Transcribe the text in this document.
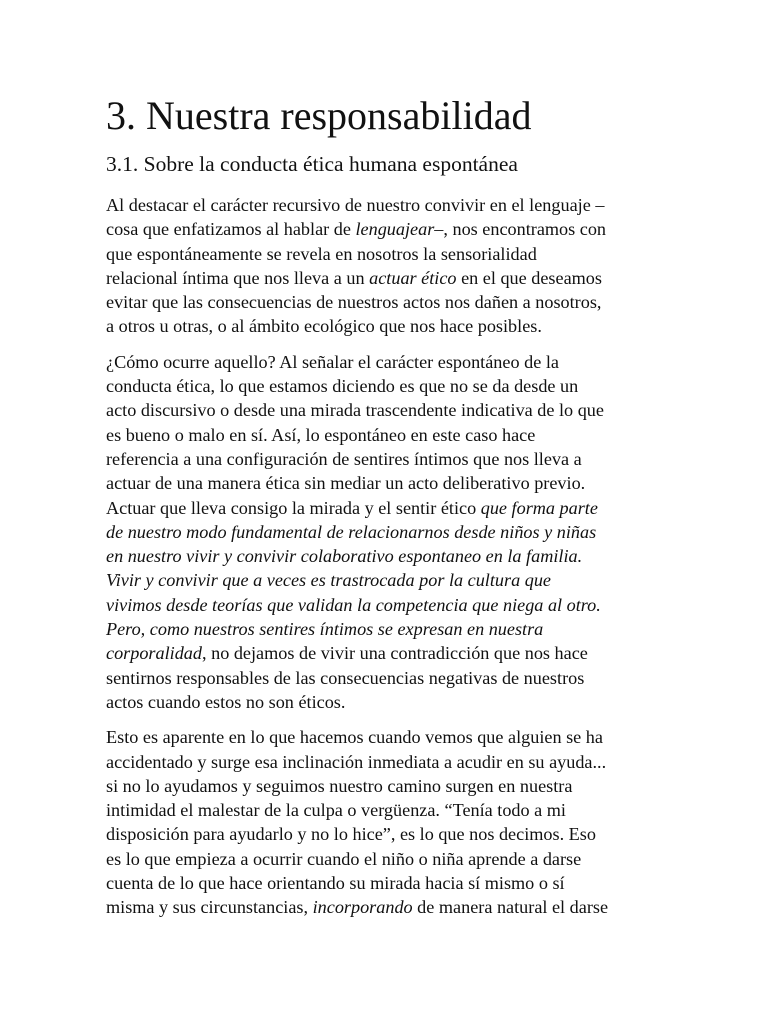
3. Nuestra responsabilidad
3.1. Sobre la conducta ética humana espontánea

Al destacar el carácter recursivo de nuestro convivir en el lenguaje –
cosa que enfatizamos al hablar de lenguajear–, nos encontramos con
que espontáneamente se revela en nosotros la sensorialidad
relacional íntima que nos lleva a un actuar ético en el que deseamos
evitar que las consecuencias de nuestros actos nos dañen a nosotros,
a otros u otras, o al ámbito ecológico que nos hace posibles.

¿Cómo ocurre aquello? Al señalar el carácter espontáneo de la
conducta ética, lo que estamos diciendo es que no se da desde un
acto discursivo o desde una mirada trascendente indicativa de lo que
es bueno o malo en sí. Así, lo espontáneo en este caso hace
referencia a una configuración de sentires íntimos que nos lleva a
actuar de una manera ética sin mediar un acto deliberativo previo.
Actuar que lleva consigo la mirada y el sentir ético que forma parte
de nuestro modo fundamental de relacionarnos desde niños y niñas
en nuestro vivir y convivir colaborativo espontaneo en la familia.
Vivir y convivir que a veces es trastrocada por la cultura que
vivimos desde teorías que validan la competencia que niega al otro.
Pero, como nuestros sentires íntimos se expresan en nuestra
corporalidad, no dejamos de vivir una contradicción que nos hace
sentirnos responsables de las consecuencias negativas de nuestros
actos cuando estos no son éticos.

Esto es aparente en lo que hacemos cuando vemos que alguien se ha
accidentado y surge esa inclinación inmediata a acudir en su ayuda...
si no lo ayudamos y seguimos nuestro camino surgen en nuestra
intimidad el malestar de la culpa o vergüenza. “Tenía todo a mi
disposición para ayudarlo y no lo hice”, es lo que nos decimos. Eso
es lo que empieza a ocurrir cuando el niño o niña aprende a darse
cuenta de lo que hace orientando su mirada hacia sí mismo o sí
misma y sus circunstancias, incorporando de manera natural el darse
